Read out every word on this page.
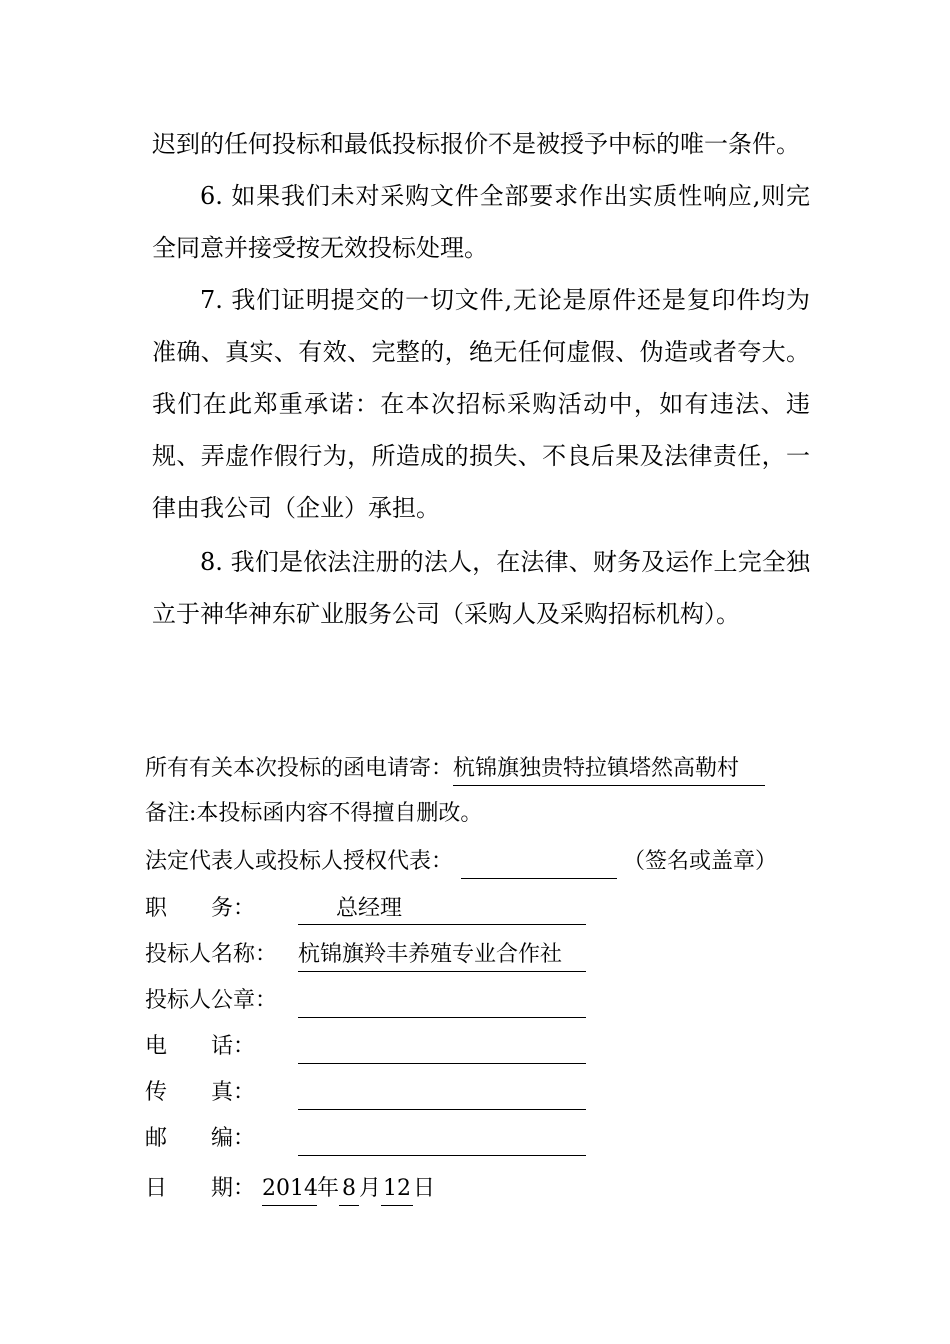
迟到的任何投标和最低投标报价不是被授予中标的唯一条件。
6. 如果我们未对采购文件全部要求作出实质性响应,则完全同意并接受按无效投标处理。
7. 我们证明提交的一切文件,无论是原件还是复印件均为准确、真实、有效、完整的，绝无任何虚假、伪造或者夸大。我们在此郑重承诺：在本次招标采购活动中，如有违法、违规、弄虚作假行为，所造成的损失、不良后果及法律责任，一律由我公司（企业）承担。
8. 我们是依法注册的法人，在法律、财务及运作上完全独立于神华神东矿业服务公司（采购人及采购招标机构）。
所有有关本次投标的函电请寄：杭锦旗独贵特拉镇塔然高勒村
备注:本投标函内容不得擅自删改。
法定代表人或投标人授权代表：	（签名或盖章）
职　　务：	总经理
投标人名称： 杭锦旗羚丰养殖专业合作社
投标人公章：
电　　话：
传　　真：
邮　　编：
日　　期： 2014年 8 月12日
